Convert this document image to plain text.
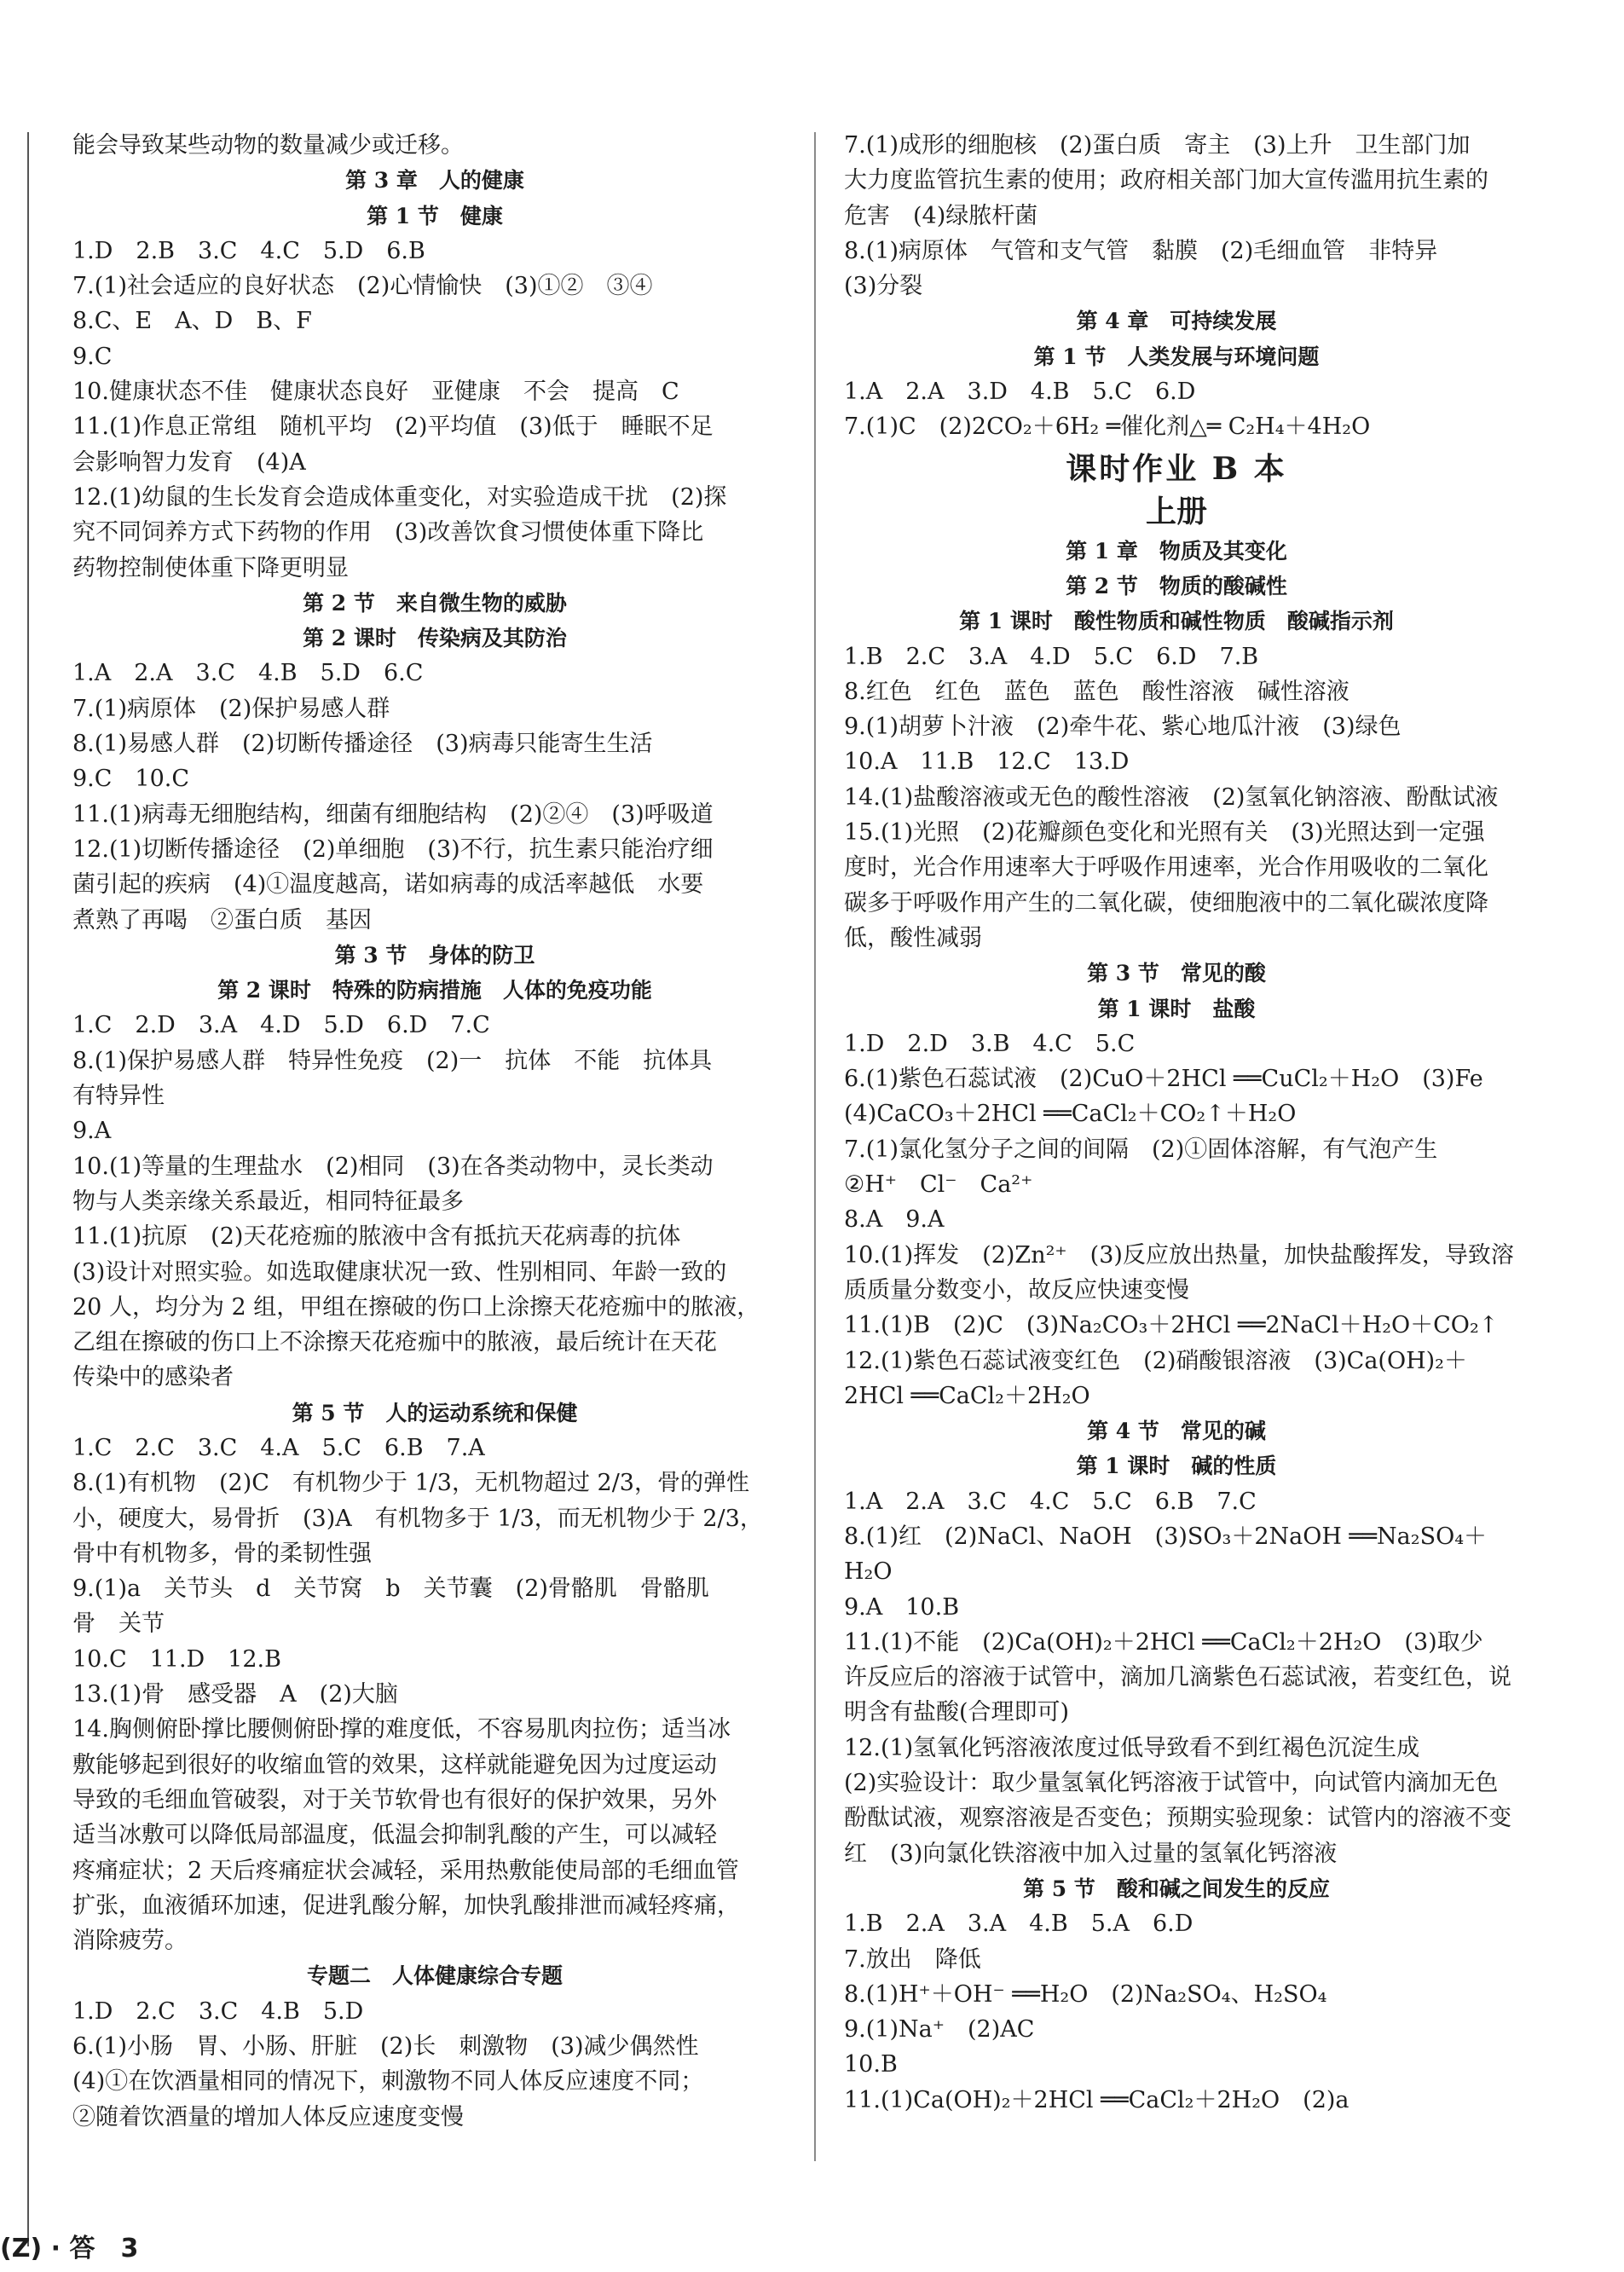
能会导致某些动物的数量减少或迁移。
第 3 章　人的健康
第 1 节　健康
1.D　2.B　3.C　4.C　5.D　6.B
7.(1)社会适应的良好状态　(2)心情愉快　(3)①②　③④
8.C、E　A、D　B、F
9.C
10.健康状态不佳　健康状态良好　亚健康　不会　提高　C
11.(1)作息正常组　随机平均　(2)平均值　(3)低于　睡眠不足
会影响智力发育　(4)A
12.(1)幼鼠的生长发育会造成体重变化，对实验造成干扰　(2)探
究不同饲养方式下药物的作用　(3)改善饮食习惯使体重下降比
药物控制使体重下降更明显
第 2 节　来自微生物的威胁
第 2 课时　传染病及其防治
1.A　2.A　3.C　4.B　5.D　6.C
7.(1)病原体　(2)保护易感人群
8.(1)易感人群　(2)切断传播途径　(3)病毒只能寄生生活
9.C　10.C
11.(1)病毒无细胞结构，细菌有细胞结构　(2)②④　(3)呼吸道
12.(1)切断传播途径　(2)单细胞　(3)不行，抗生素只能治疗细
菌引起的疾病　(4)①温度越高，诺如病毒的成活率越低　水要
煮熟了再喝　②蛋白质　基因
第 3 节　身体的防卫
第 2 课时　特殊的防病措施　人体的免疫功能
1.C　2.D　3.A　4.D　5.D　6.D　7.C
8.(1)保护易感人群　特异性免疫　(2)一　抗体　不能　抗体具
有特异性
9.A
10.(1)等量的生理盐水　(2)相同　(3)在各类动物中，灵长类动
物与人类亲缘关系最近，相同特征最多
11.(1)抗原　(2)天花疮痂的脓液中含有抵抗天花病毒的抗体
(3)设计对照实验。如选取健康状况一致、性别相同、年龄一致的
20 人，均分为 2 组，甲组在擦破的伤口上涂擦天花疮痂中的脓液，
乙组在擦破的伤口上不涂擦天花疮痂中的脓液，最后统计在天花
传染中的感染者
第 5 节　人的运动系统和保健
1.C　2.C　3.C　4.A　5.C　6.B　7.A
8.(1)有机物　(2)C　有机物少于 1/3，无机物超过 2/3，骨的弹性
小，硬度大，易骨折　(3)A　有机物多于 1/3，而无机物少于 2/3，
骨中有机物多，骨的柔韧性强
9.(1)a　关节头　d　关节窝　b　关节囊　(2)骨骼肌　骨骼肌
骨　关节
10.C　11.D　12.B
13.(1)骨　感受器　A　(2)大脑
14.胸侧俯卧撑比腰侧俯卧撑的难度低，不容易肌肉拉伤；适当冰
敷能够起到很好的收缩血管的效果，这样就能避免因为过度运动
导致的毛细血管破裂，对于关节软骨也有很好的保护效果，另外
适当冰敷可以降低局部温度，低温会抑制乳酸的产生，可以减轻
疼痛症状；2 天后疼痛症状会减轻，采用热敷能使局部的毛细血管
扩张，血液循环加速，促进乳酸分解，加快乳酸排泄而减轻疼痛，
消除疲劳。
专题二　人体健康综合专题
1.D　2.C　3.C　4.B　5.D
6.(1)小肠　胃、小肠、肝脏　(2)长　刺激物　(3)减少偶然性
(4)①在饮酒量相同的情况下，刺激物不同人体反应速度不同；
②随着饮酒量的增加人体反应速度变慢
7.(1)成形的细胞核　(2)蛋白质　寄主　(3)上升　卫生部门加
大力度监管抗生素的使用；政府相关部门加大宣传滥用抗生素的
危害　(4)绿脓杆菌
8.(1)病原体　气管和支气管　黏膜　(2)毛细血管　非特异
(3)分裂
第 4 章　可持续发展
第 1 节　人类发展与环境问题
1.A　2.A　3.D　4.B　5.C　6.D
7.(1)C　(2)2CO₂＋6H₂ ═催化剂△═ C₂H₄＋4H₂O
课时作业 B 本
上册
第 1 章　物质及其变化
第 2 节　物质的酸碱性
第 1 课时　酸性物质和碱性物质　酸碱指示剂
1.B　2.C　3.A　4.D　5.C　6.D　7.B
8.红色　红色　蓝色　蓝色　酸性溶液　碱性溶液
9.(1)胡萝卜汁液　(2)牵牛花、紫心地瓜汁液　(3)绿色
10.A　11.B　12.C　13.D
14.(1)盐酸溶液或无色的酸性溶液　(2)氢氧化钠溶液、酚酞试液
15.(1)光照　(2)花瓣颜色变化和光照有关　(3)光照达到一定强
度时，光合作用速率大于呼吸作用速率，光合作用吸收的二氧化
碳多于呼吸作用产生的二氧化碳，使细胞液中的二氧化碳浓度降
低，酸性减弱
第 3 节　常见的酸
第 1 课时　盐酸
1.D　2.D　3.B　4.C　5.C
6.(1)紫色石蕊试液　(2)CuO＋2HCl ══CuCl₂＋H₂O　(3)Fe
(4)CaCO₃＋2HCl ══CaCl₂＋CO₂↑＋H₂O
7.(1)氯化氢分子之间的间隔　(2)①固体溶解，有气泡产生
②H⁺　Cl⁻　Ca²⁺
8.A　9.A
10.(1)挥发　(2)Zn²⁺　(3)反应放出热量，加快盐酸挥发，导致溶
质质量分数变小，故反应快速变慢
11.(1)B　(2)C　(3)Na₂CO₃＋2HCl ══2NaCl＋H₂O＋CO₂↑
12.(1)紫色石蕊试液变红色　(2)硝酸银溶液　(3)Ca(OH)₂＋
2HCl ══CaCl₂＋2H₂O
第 4 节　常见的碱
第 1 课时　碱的性质
1.A　2.A　3.C　4.C　5.C　6.B　7.C
8.(1)红　(2)NaCl、NaOH　(3)SO₃＋2NaOH ══Na₂SO₄＋
H₂O
9.A　10.B
11.(1)不能　(2)Ca(OH)₂＋2HCl ══CaCl₂＋2H₂O　(3)取少
许反应后的溶液于试管中，滴加几滴紫色石蕊试液，若变红色，说
明含有盐酸(合理即可)
12.(1)氢氧化钙溶液浓度过低导致看不到红褐色沉淀生成
(2)实验设计：取少量氢氧化钙溶液于试管中，向试管内滴加无色
酚酞试液，观察溶液是否变色；预期实验现象：试管内的溶液不变
红　(3)向氯化铁溶液中加入过量的氢氧化钙溶液
第 5 节　酸和碱之间发生的反应
1.B　2.A　3.A　4.B　5.A　6.D
7.放出　降低
8.(1)H⁺＋OH⁻ ══H₂O　(2)Na₂SO₄、H₂SO₄
9.(1)Na⁺　(2)AC
10.B
11.(1)Ca(OH)₂＋2HCl ══CaCl₂＋2H₂O　(2)a
(Z) · 答　3
